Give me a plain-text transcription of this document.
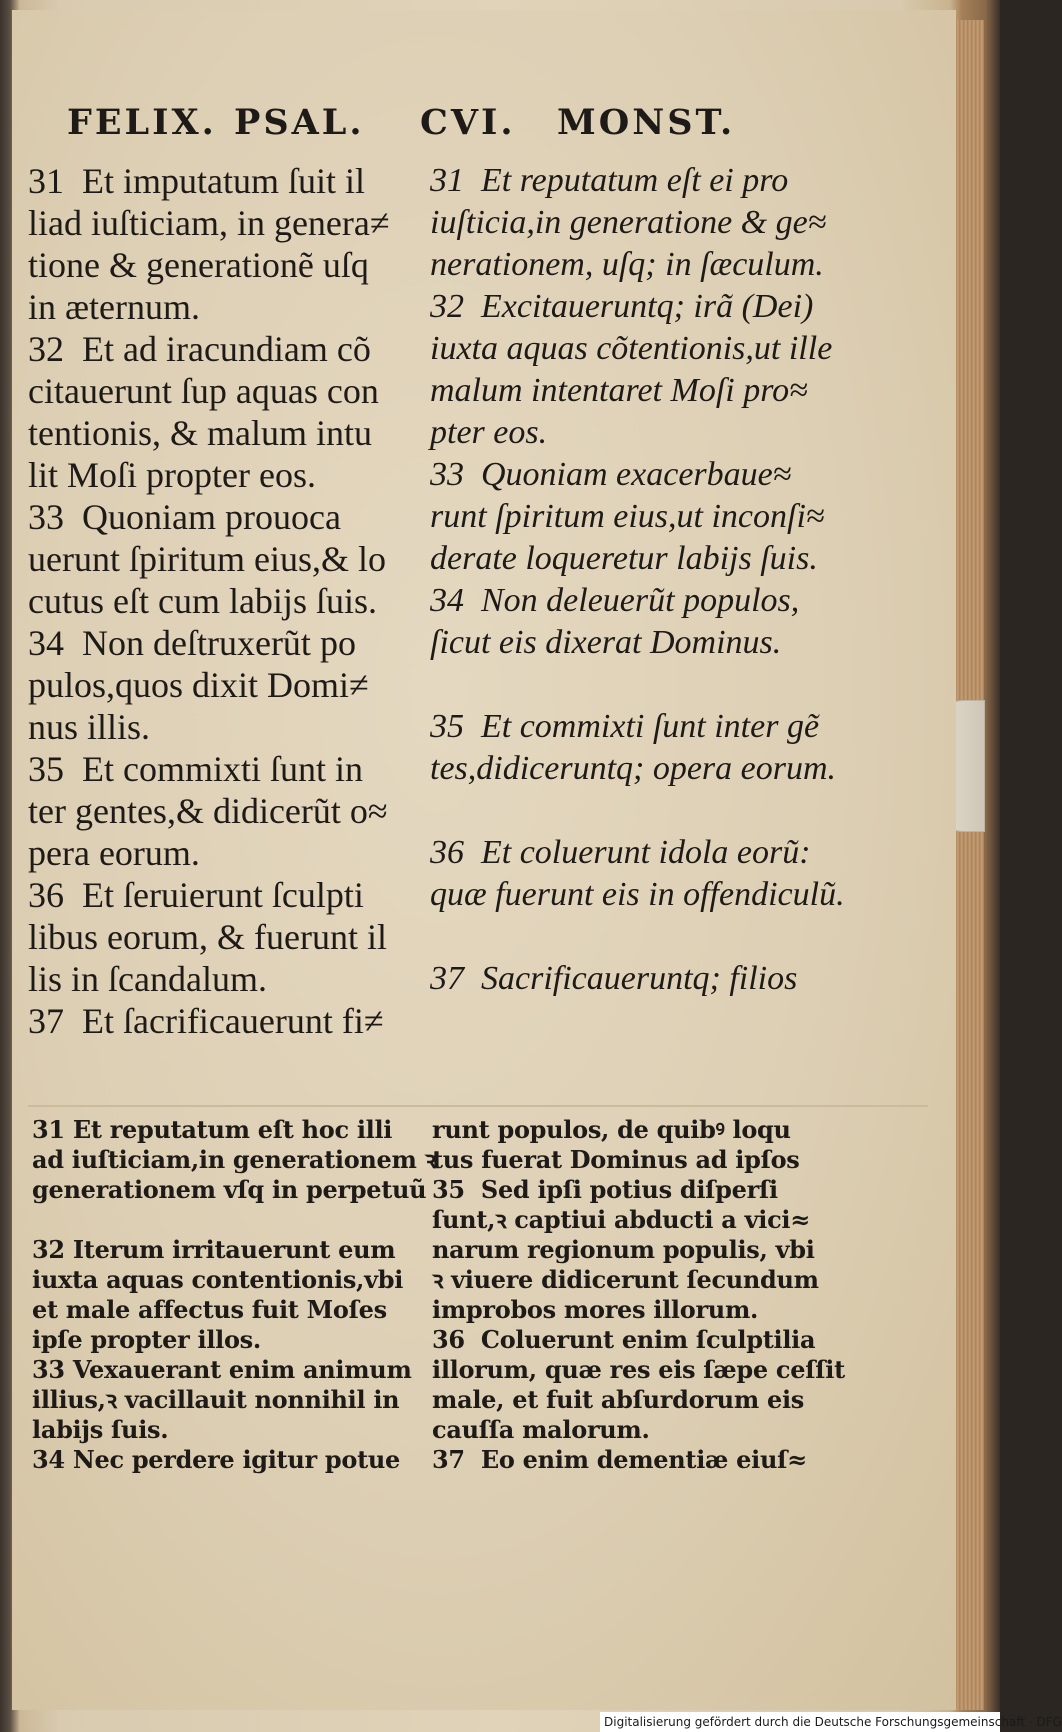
FELIX. PSAL. CVI. MONST.
31  Et imputatum ſuit il
liad iuſticiam, in genera≠
tione & generationẽ uſq
in æternum.
32  Et ad iracundiam cõ
citauerunt ſup aquas con
tentionis, & malum intu
lit Moſi propter eos.
33  Quoniam prouoca
uerunt ſpiritum eius,& lo
cutus eſt cum labijs ſuis.
34  Non deſtruxerũt po
pulos,quos dixit Domi≠
nus illis.
35  Et commixti ſunt in
ter gentes,& didicerũt o≈
pera eorum.
36  Et ſeruierunt ſculpti
libus eorum, & fuerunt il
lis in ſcandalum.
37  Et ſacrificauerunt fi≠
31  Et reputatum eſt ei pro
iuſticia,in generatione & ge≈
nerationem, uſq; in ſæculum.
32  Excitaueruntq; irã (Dei)
iuxta aquas cõtentionis,ut ille
malum intentaret Moſi pro≈
pter eos.
33  Quoniam exacerbaue≈
runt ſpiritum eius,ut inconſi≈
derate loqueretur labijs ſuis.
34  Non deleuerũt populos,
ſicut eis dixerat Dominus.

35  Et commixti ſunt inter gẽ
tes,didiceruntq; opera eorum.

36  Et coluerunt idola eorũ:
quæ fuerunt eis in offendiculũ.

37  Sacrificaueruntq; filios
31 Et reputatum eſt hoc illi
ad iuſticiam,in generationem ꝛ
generationem vſq in perpetuũ

32 Iterum irritauerunt eum
iuxta aquas contentionis,vbi
et male affectus fuit Moſes
ipſe propter illos.
33 Vexauerant enim animum
illius,ꝛ vacillauit nonnihil in
labijs ſuis.
34 Nec perdere igitur potue
runt populos, de quibꝰ loqu
tus fuerat Dominus ad ipſos
35  Sed ipſi potius diſperſi
ſunt,ꝛ captiui abducti a vici≈
narum regionum populis, vbi
ꝛ viuere didicerunt ſecundum
improbos mores illorum.
36  Coluerunt enim ſculptilia
illorum, quæ res eis ſæpe ceſſit
male, et fuit abſurdorum eis
cauſſa malorum.
37  Eo enim dementiæ eiuſ≈
Digitalisierung gefördert durch die Deutsche Forschungsgemeinschaft · DFG
